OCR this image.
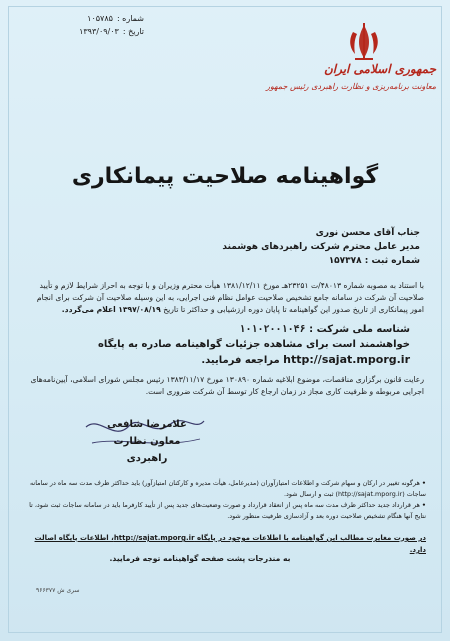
شماره :
۱۰۵۷۸۵
تاریخ :
۱۳۹۳/۰۹/۰۳
جمهوری اسلامی ایران
معاونت برنامه‌ریزی و نظارت راهبردی رئیس جمهور
گواهینامه صلاحیت پیمانکاری
جناب آقای محسن نوری
مدیر عامل محترم شرکت راهبردهای هوشمند
شماره ثبت : ۱۵۷۳۷۸
با استناد به مصوبه شماره ۴۸۰۱۳/ت ۲۳۲۵۱هـ مورخ ۱۳۸۱/۱۲/۱۱ هیأت محترم وزیران و با توجه به احراز شرایط لازم و تأیید صلاحیت آن شرکت در سامانه جامع تشخیص صلاحیت عوامل نظام فنی اجرایی، به این وسیله صلاحیت آن شرکت برای انجام امور پیمانکاری از تاریخ صدور این گواهینامه تا پایان دوره ارزشیابی و حداکثر تا تاریخ ۱۳۹۷/۰۸/۱۹ اعلام می‌گردد.
شناسه ملی شرکت : ۱۰۱۰۲۰۰۱۰۴۶
خواهشمند است برای مشاهده جزئیات گواهینامه صادره به پایگاه
http://sajat.mporg.ir مراجعه فرمایید.
رعایت قانون برگزاری مناقصات، موضوع ابلاغیه شماره ۱۳۰۸۹۰ مورخ ۱۳۸۳/۱۱/۱۷ رئیس مجلس شورای اسلامی، آیین‌نامه‌های اجرایی مربوطه و ظرفیت کاری مجاز در زمان ارجاع کار توسط آن شرکت ضروری است.
غلامرضا شافعی
معاون نظارت راهبردی
• هرگونه تغییر در ارکان و سهام شرکت و اطلاعات امتیازآوران (مدیرعامل، هیأت مدیره و کارکنان امتیازآور) باید حداکثر ظرف مدت سه ماه در سامانه ساجات (http://sajat.mporg.ir) ثبت و ارسال شود.
• هر قرارداد جدید حداکثر ظرف مدت سه ماه پس از انعقاد قرارداد و صورت وضعیت‌های جدید پس از تأیید کارفرما باید در سامانه ساجات ثبت شود، تا نتایج آنها هنگام تشخیص صلاحیت دوره بعد و آزادسازی ظرفیت منظور شود.
در صورت مغایرت مطالب این گواهینامه با اطلاعات موجود در پایگاه http://sajat.mporg.ir، اطلاعات پایگاه اصالت دارد.
به مندرجات پشت صفحه گواهینامه توجه فرمایید.
سری ش ۹۶۶۳۷۷
